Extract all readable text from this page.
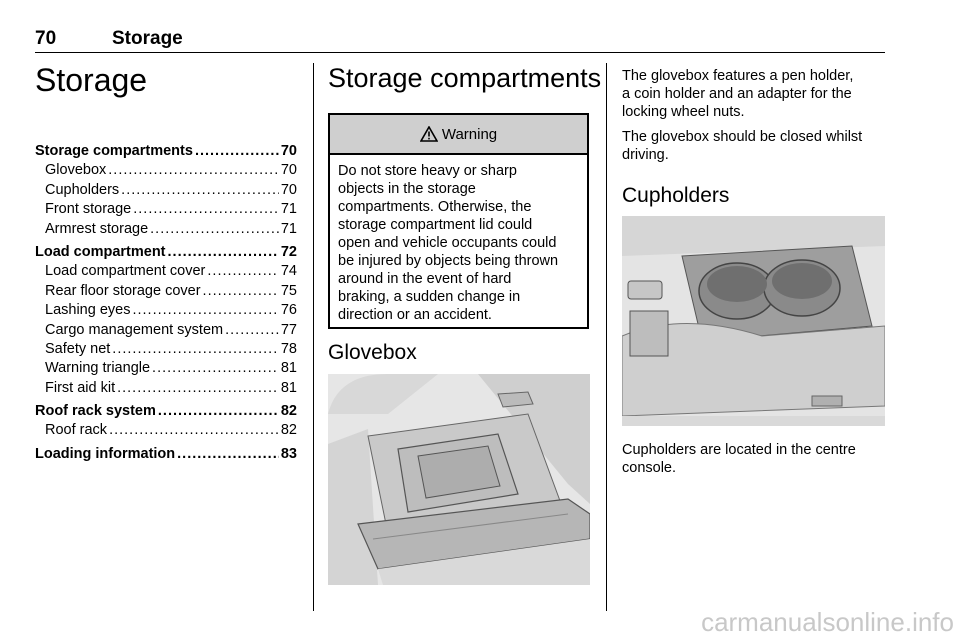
70	Storage
Storage
Storage compartments .....	70
Glovebox .....	70
Cupholders .....	70
Front storage .....	71
Armrest storage .....	71
Load compartment .....	72
Load compartment cover .....	74
Rear floor storage cover .....	75
Lashing eyes .....	76
Cargo management system .....	77
Safety net .....	78
Warning triangle .....	81
First aid kit .....	81
Roof rack system .....	82
Roof rack .....	82
Loading information .....	83
Storage compartments
Warning
Do not store heavy or sharp
objects in the storage
compartments. Otherwise, the
storage compartment lid could
open and vehicle occupants could
be injured by objects being thrown
around in the event of hard
braking, a sudden change in
direction or an accident.
Glovebox

The glovebox features a pen holder,
a coin holder and an adapter for the
locking wheel nuts.

The glovebox should be closed whilst
driving.

Cupholders

Cupholders are located in the centre
console.

carmanualsonline.info
